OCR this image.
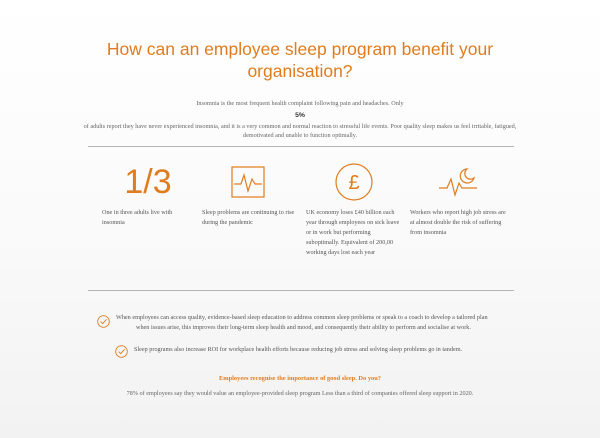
How can an employee sleep program benefit your organisation?
Insomnia is the most frequent health complaint following pain and headaches. Only
5%
of adults report they have never experienced insomnia, and it is a very common and normal reaction to stressful life events. Poor quality sleep makes us feel irritable, fatigued, demotivated and unable to function optimally.
1/3
One in three adults live with insomnia
Sleep problems are continuing to rise during the pandemic
£
UK economy loses £40 billion each year through employees on sick leave or in work but performing suboptimally. Equivalent of 200,00 working days lost each year
Workers who report high job stress are at almost double the risk of suffering from insomnia
When employees can access quality, evidence-based sleep education to address common sleep problems or speak to a coach to develop a tailored plan
when issues arise, this improves their long-term sleep health and mood, and consequently their ability to perform and socialise at work.
Sleep programs also increase ROI for workplace health efforts because reducing job stress and solving sleep problems go in tandem.
Employees recognise the importance of good sleep. Do you?
78% of employees say they would value an employee-provided sleep program Less than a third of companies offered sleep support in 2020.
